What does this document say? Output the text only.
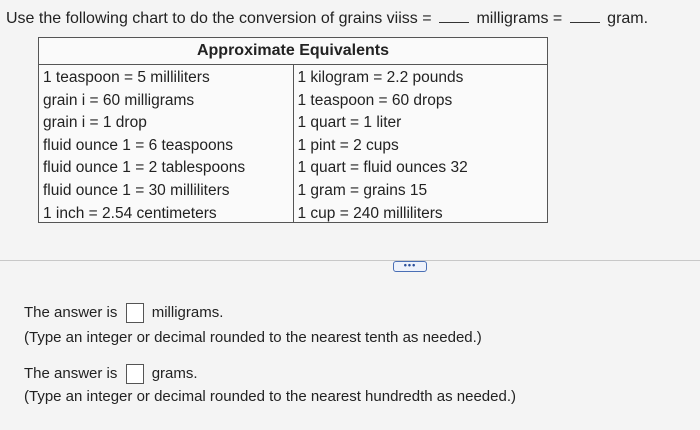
Use the following chart to do the conversion of grains viiss =	milligrams =	gram.
Approximate Equivalents
1 teaspoon = 5 milliliters
grain i = 60 milligrams
grain i = 1 drop
fluid ounce 1 = 6 teaspoons
fluid ounce 1 = 2 tablespoons
fluid ounce 1 = 30 milliliters
1 inch = 2.54 centimeters
1 kilogram = 2.2 pounds
1 teaspoon = 60 drops
1 quart = 1 liter
1 pint = 2 cups
1 quart = fluid ounces 32
1 gram = grains 15
1 cup = 240 milliliters
•••
The answer is milligrams.
(Type an integer or decimal rounded to the nearest tenth as needed.)
The answer is grams.
(Type an integer or decimal rounded to the nearest hundredth as needed.)
